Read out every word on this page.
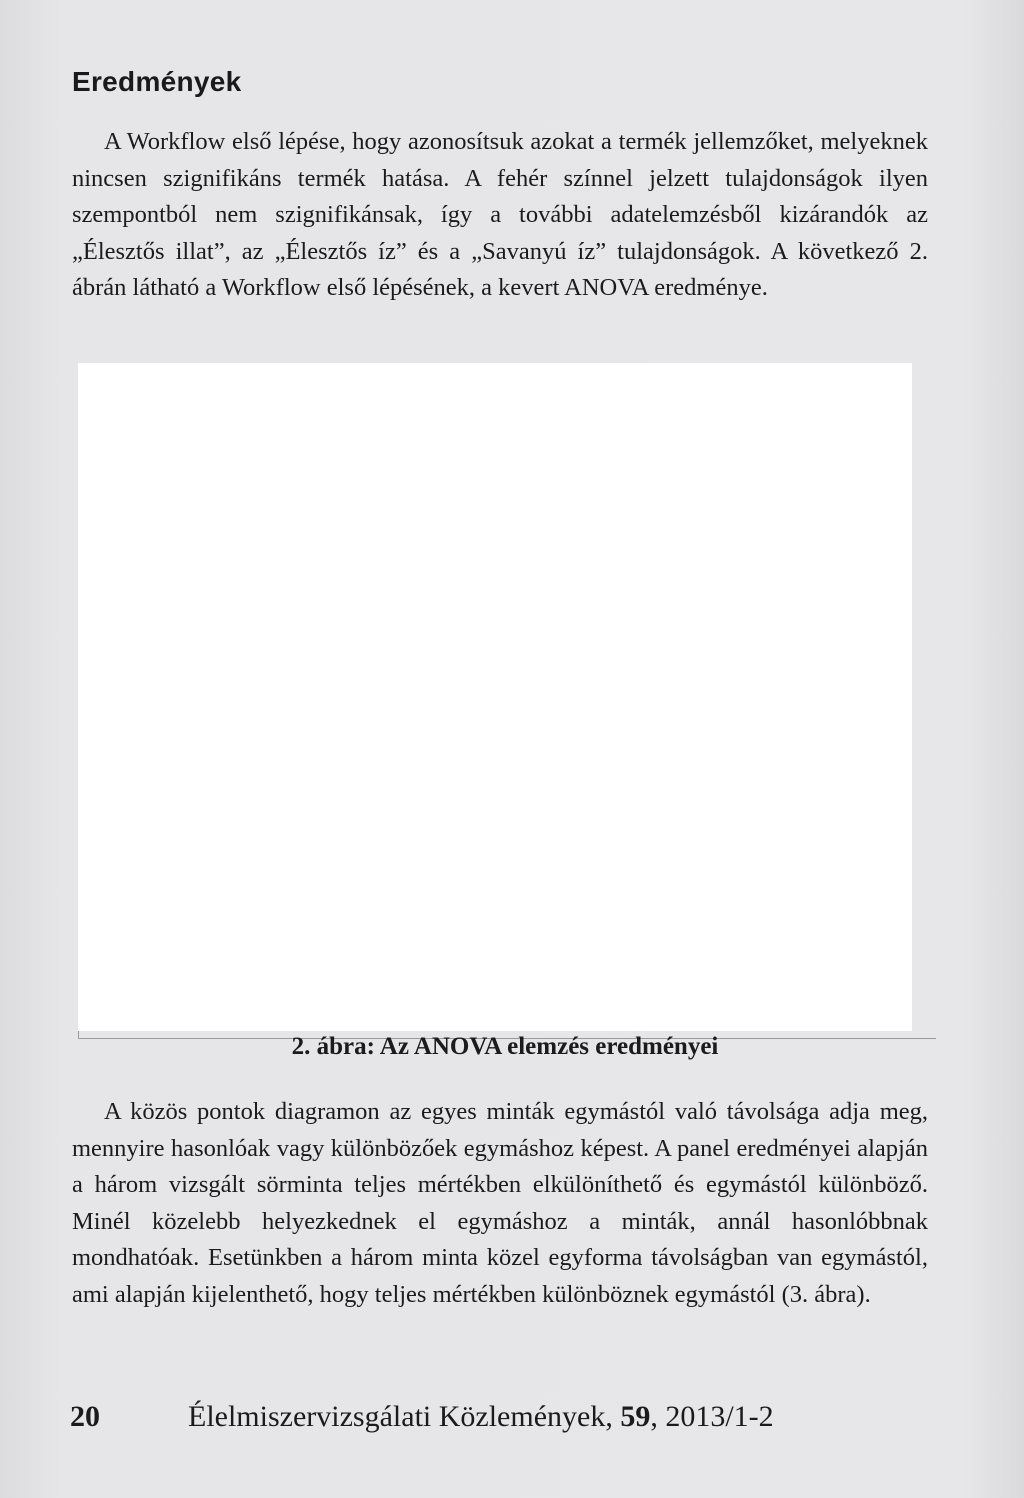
Eredmények

A Workflow első lépése, hogy azonosítsuk azokat a termék jellemzőket, melyeknek nincsen szignifikáns termék hatása. A fehér színnel jelzett tulajdonságok ilyen szempontból nem szignifikánsak, így a további adatelemzésből kizárandók az „Élesztős illat”, az „Élesztős íz” és a „Savanyú íz” tulajdonságok. A következő 2. ábrán látható a Workflow első lépésének, a kevert ANOVA eredménye.

2. ábra: Az ANOVA elemzés eredményei

A közös pontok diagramon az egyes minták egymástól való távolsága adja meg, mennyire hasonlóak vagy különbözőek egymáshoz képest. A panel eredményei alapján a három vizsgált sörminta teljes mértékben elkülöníthető és egymástól különböző. Minél közelebb helyezkednek el egymáshoz a minták, annál hasonlóbbnak mondhatóak. Esetünkben a három minta közel egyforma távolságban van egymástól, ami alapján kijelenthető, hogy teljes mértékben különböznek egymástól (3. ábra).

20	Élelmiszervizsgálati Közlemények, 59, 2013/1-2
